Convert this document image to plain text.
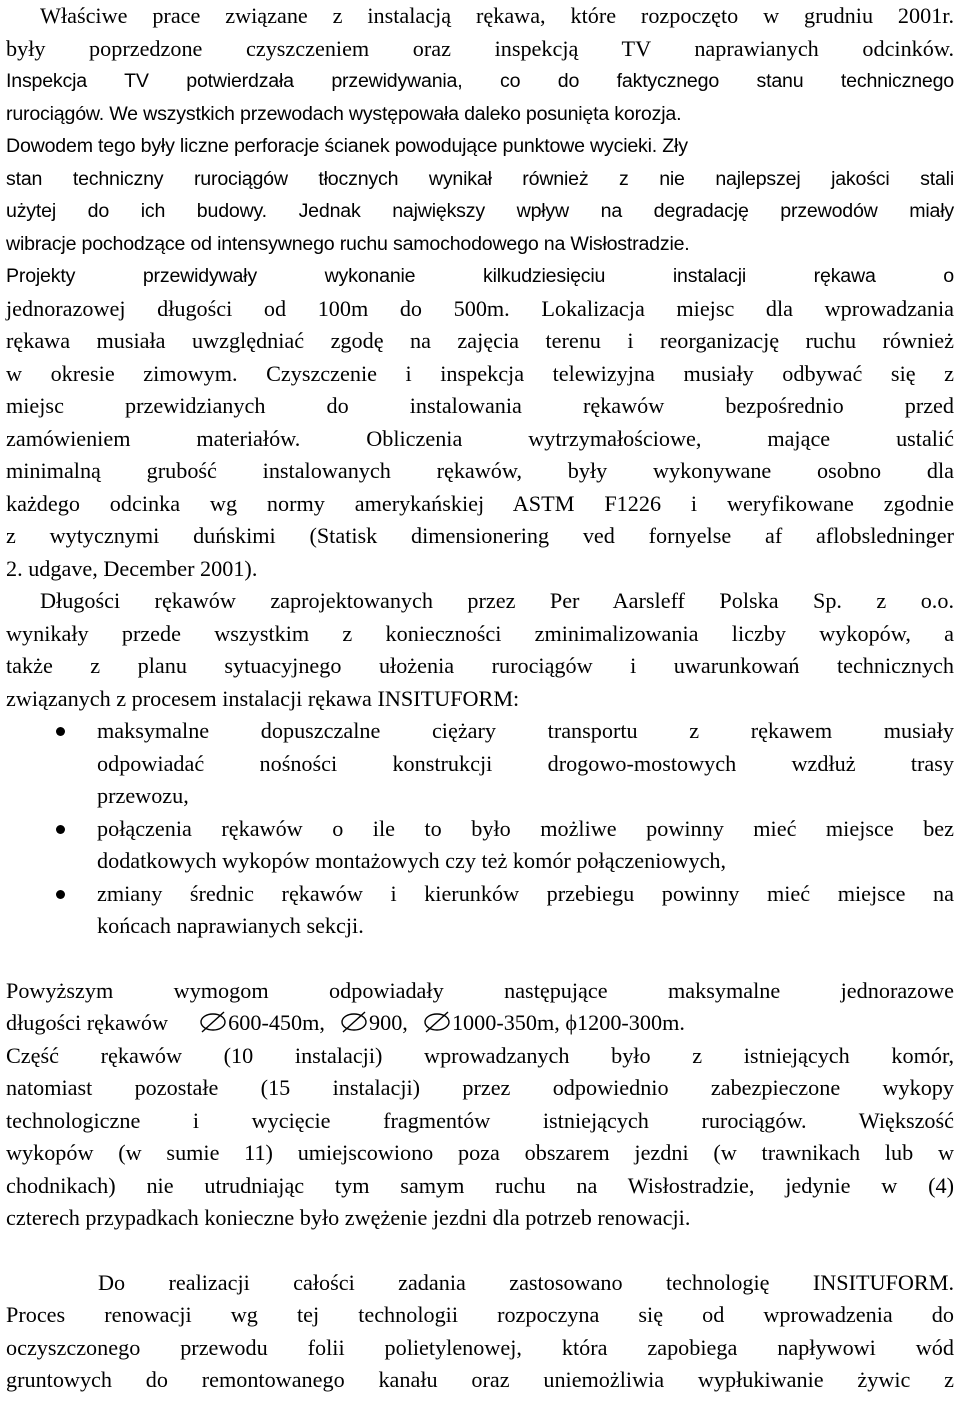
Właściwe prace związane z instalacją rękawa, które rozpoczęto w grudniu 2001r.
były poprzedzone czyszczeniem oraz inspekcją TV naprawianych odcinków.
Inspekcja TV potwierdzała przewidywania, co do faktycznego stanu technicznego
rurociągów. We wszystkich przewodach występowała daleko posunięta korozja.
Dowodem tego były liczne perforacje ścianek powodujące punktowe wycieki. Zły
stan techniczny rurociągów tłocznych wynikał również z nie najlepszej jakości stali
użytej do ich budowy. Jednak największy wpływ na degradację przewodów miały
wibracje pochodzące od intensywnego ruchu samochodowego na Wisłostradzie.
Projekty przewidywały wykonanie kilkudziesięciu instalacji rękawa o
jednorazowej długości od 100m do 500m. Lokalizacja miejsc dla wprowadzania
rękawa musiała uwzględniać zgodę na zajęcia terenu i reorganizację ruchu również
w okresie zimowym. Czyszczenie i inspekcja telewizyjna musiały odbywać się z
miejsc przewidzianych do instalowania rękawów bezpośrednio przed
zamówieniem materiałów. Obliczenia wytrzymałościowe, mające ustalić
minimalną grubość instalowanych rękawów, były wykonywane osobno dla
każdego odcinka wg normy amerykańskiej ASTM F1226 i weryfikowane zgodnie
z wytycznymi duńskimi (Statisk dimensionering ved fornyelse af aflobsledninger
2. udgave, December 2001).
Długości rękawów zaprojektowanych przez Per Aarsleff Polska Sp. z o.o.
wynikały przede wszystkim z konieczności zminimalizowania liczby wykopów, a
także z planu sytuacyjnego ułożenia rurociągów i uwarunkowań technicznych
związanych z procesem instalacji rękawa INSITUFORM:
maksymalne dopuszczalne ciężary transportu z rękawem musiały
odpowiadać nośności konstrukcji drogowo-mostowych wzdłuż trasy
przewozu,
połączenia rękawów o ile to było możliwe powinny mieć miejsce bez
dodatkowych wykopów montażowych czy też komór połączeniowych,
zmiany średnic rękawów i kierunków przebiegu powinny mieć miejsce na
końcach naprawianych sekcji.
Powyższym wymogom odpowiadały następujące maksymalne jednorazowe
długości rękawów	600-450m, 900, 1000-350m, ϕ1200-300m.
Część rękawów (10 instalacji) wprowadzanych było z istniejących komór,
natomiast pozostałe (15 instalacji) przez odpowiednio zabezpieczone wykopy
technologiczne i wycięcie fragmentów istniejących rurociągów. Większość
wykopów (w sumie 11) umiejscowiono poza obszarem jezdni (w trawnikach lub w
chodnikach) nie utrudniając tym samym ruchu na Wisłostradzie, jedynie w (4)
czterech przypadkach konieczne było zwężenie jezdni dla potrzeb renowacji.
Do realizacji całości zadania zastosowano technologię INSITUFORM.
Proces renowacji wg tej technologii rozpoczyna się od wprowadzenia do
oczyszczonego przewodu folii polietylenowej, która zapobiega napływowi wód
gruntowych do remontowanego kanału oraz uniemożliwia wypłukiwanie żywic z
